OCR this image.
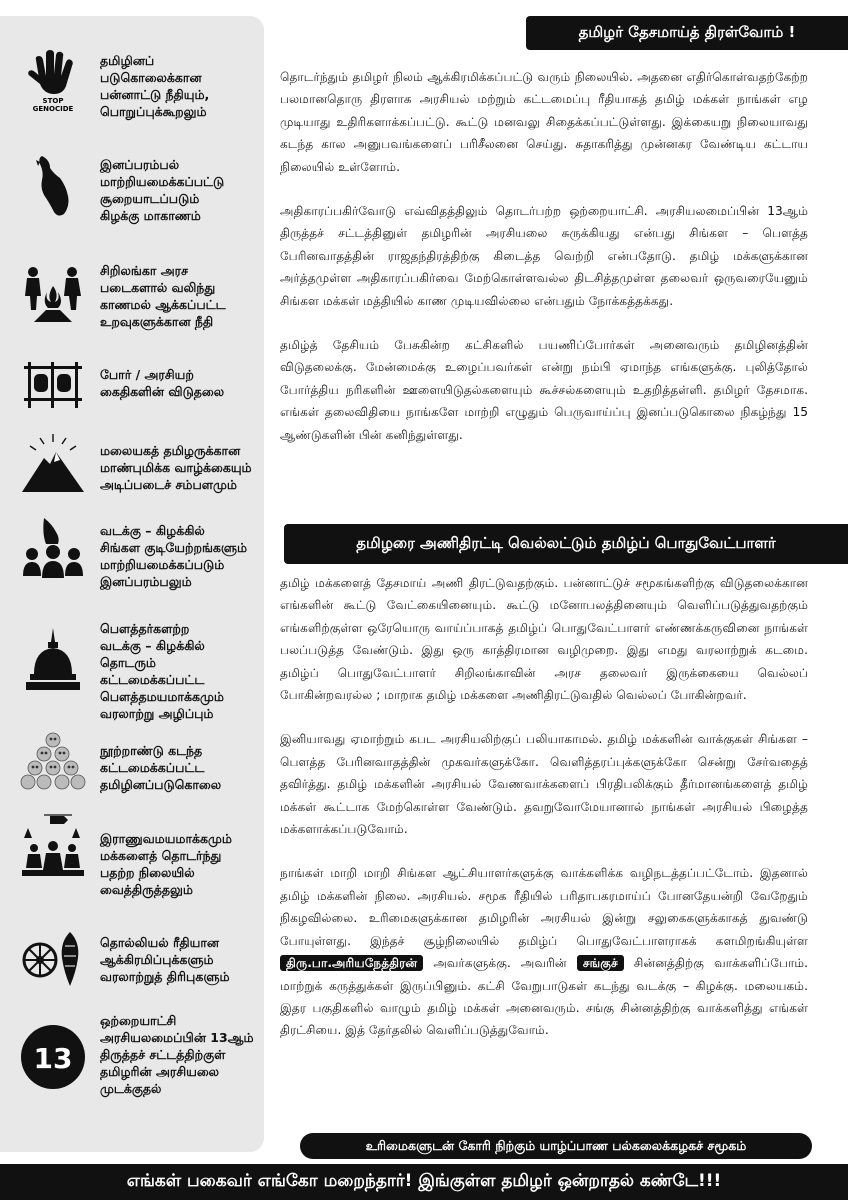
STOP
GENOCIDE
தமிழினப் படுகொலைக்கான
பன்னாட்டு நீதியும்,
பொறுப்புக்கூறலும்
இனப்பரம்பல்
மாற்றியமைக்கப்பட்டு
சூறையாடப்படும்
கிழக்கு மாகாணம்
சிறிலங்கா அரச
படைகளால் வலிந்து
காணமல் ஆக்கப்பட்ட
உறவுகளுக்கான நீதி
போர் / அரசியற்
கைதிகளின் விடுதலை
மலையகத் தமிழருக்கான
மாண்புமிக்க வாழ்க்கையும்
அடிப்படைச் சம்பளமும்
வடக்கு – கிழக்கில்
சிங்கள குடியேற்றங்களும்
மாற்றியமைக்கப்படும்
இனப்பரம்பலும்
பௌத்தர்களற்ற
வடக்கு – கிழக்கில்
தொடரும் கட்டமைக்கப்பட்ட
பௌத்தமயமாக்கமும்
வரலாற்று அழிப்பும்
நூற்றாண்டு கடந்த
கட்டமைக்கப்பட்ட
தமிழினப்படுகொலை
இராணுவமயமாக்கமும்
மக்களைத் தொடர்ந்து
பதற்ற நிலையில்
வைத்திருத்தலும்
தொல்லியல் ரீதியான
ஆக்கிரமிப்புக்களும்
வரலாற்றுத் திரிபுகளும்
13
ஒற்றையாட்சி
அரசியலமைப்பின் 13ஆம்
திருத்தச் சட்டத்திற்குள்
தமிழரின் அரசியலை
முடக்குதல்
தமிழர் தேசமாய்த் திரள்வோம் !

தொடர்ந்தும் தமிழர் நிலம் ஆக்கிரமிக்கப்பட்டு வரும் நிலையில். அதனை எதிர்கொள்வதற்கேற்ற பலமானதொரு திரளாக அரசியல் மற்றும் கட்டமைப்பு ரீதியாகத் தமிழ் மக்கள் நாங்கள் எழ முடியாது உதிரிகளாக்கப்பட்டு. கூட்டு மனவலு சிதைக்கப்பட்டுள்ளது. இக்கையறு நிலையாவது கடந்த கால அனுபவங்களைப் பரிசீலனை செய்து. சுதாகரித்து முன்னகர வேண்டிய கட்டாய நிலையில் உள்ளோம்.

அதிகாரப்பகிர்வோடு எவ்விதத்திலும் தொடர்பற்ற ஒற்றையாட்சி. அரசியலமைப்பின் 13ஆம் திருத்தச் சட்டத்தினுள் தமிழரின் அரசியலை சுருக்கியது என்பது சிங்கள – பௌத்த பேரினவாதத்தின் ராஜதந்திரத்திற்கு கிடைத்த வெற்றி என்பதோடு. தமிழ் மக்களுக்கான அர்த்தமுள்ள அதிகாரப்பகிர்வை மேற்கொள்ளவல்ல திடசித்தமுள்ள தலைவர் ஒருவரையேனும் சிங்கள மக்கள் மத்தியில் காண முடியவில்லை என்பதும் நோக்கத்தக்கது.

தமிழ்த் தேசியம் பேசுகின்ற கட்சிகளில் பயணிப்போர்கள் அனைவரும் தமிழினத்தின் விடுதலைக்கு. மேன்மைக்கு உழைப்பவர்கள் என்று நம்பி ஏமாந்த எங்களுக்கு. புலித்தோல் போர்த்திய நரிகளின் ஊளையிடுதல்களையும் கூச்சல்களையும் உதறித்தள்ளி. தமிழர் தேசமாக. எங்கள் தலைவிதியை நாங்களே மாற்றி எழுதும் பெருவாய்ப்பு இனப்படுகொலை நிகழ்ந்து 15 ஆண்டுகளின் பின் கனிந்துள்ளது.

தமிழரை அணிதிரட்டி வெல்லட்டும் தமிழ்ப் பொதுவேட்பாளர்

தமிழ் மக்களைத் தேசமாய் அணி திரட்டுவதற்கும். பன்னாட்டுச் சமூகங்களிற்கு விடுதலைக்கான எங்களின் கூட்டு வேட்கையினையும். கூட்டு மனோபலத்தினையும் வெளிப்படுத்துவதற்கும் எங்களிற்குள்ள ஒரேயொரு வாய்ப்பாகத் தமிழ்ப் பொதுவேட்பாளர் எண்ணக்கருவினை நாங்கள் பலப்படுத்த வேண்டும். இது ஒரு காத்திரமான வழிமுறை. இது எமது வரலாற்றுக் கடமை. தமிழ்ப் பொதுவேட்பாளர் சிறிலங்காவின் அரச தலைவர் இருக்கையை வெல்லப் போகின்றவரல்ல ; மாறாக தமிழ் மக்களை அணிதிரட்டுவதில் வெல்லப் போகின்றவர்.

இனியாவது ஏமாற்றும் கபட அரசியலிற்குப் பலியாகாமல். தமிழ் மக்களின் வாக்குகள் சிங்கள – பௌத்த பேரினவாதத்தின் முகவர்களுக்கோ. வெளித்தரப்புக்களுக்கோ சென்று சேர்வதைத் தவிர்த்து. தமிழ் மக்களின் அரசியல் வேணவாக்களைப் பிரதிபலிக்கும் தீர்மானங்களைத் தமிழ் மக்கள் கூட்டாக மேற்கொள்ள வேண்டும். தவறுவோமேயானால் நாங்கள் அரசியல் பிழைத்த மக்களாக்கப்படுவோம்.

நாங்கள் மாறி மாறி சிங்கள ஆட்சியாளர்களுக்கு வாக்களிக்க வழிநடத்தப்பட்டோம். இதனால் தமிழ் மக்களின் நிலை. அரசியல். சமூக ரீதியில் பரிதாபகரமாய்ப் போனதேயன்றி வேறேதும் நிகழவில்லை. உரிமைகளுக்கான தமிழரின் அரசியல் இன்று சலுகைகளுக்காகத் துவண்டு போயுள்ளது. இந்தச் சூழ்நிலையில் தமிழ்ப் பொதுவேட்பாளராகக் களமிறங்கியுள்ள திரு.பா.அரியநேத்திரன் அவர்களுக்கு. அவரின் சங்குச் சின்னத்திற்கு வாக்களிப்போம். மாற்றுக் கருத்துக்கள் இருப்பினும். கட்சி வேறுபாடுகள் கடந்து வடக்கு – கிழக்கு. மலையகம். இதர பகுதிகளில் வாழும் தமிழ் மக்கள் அனைவரும். சங்கு சின்னத்திற்கு வாக்களித்து எங்கள் திரட்சியை. இத் தேர்தலில் வெளிப்படுத்துவோம்.

உரிமைகளுடன் கோரி நிற்கும் யாழ்ப்பாண பல்கலைக்கழகச் சமூகம்
எங்கள் பகைவர் எங்கோ மறைந்தார்! இங்குள்ள தமிழர் ஒன்றாதல் கண்டே!!!
